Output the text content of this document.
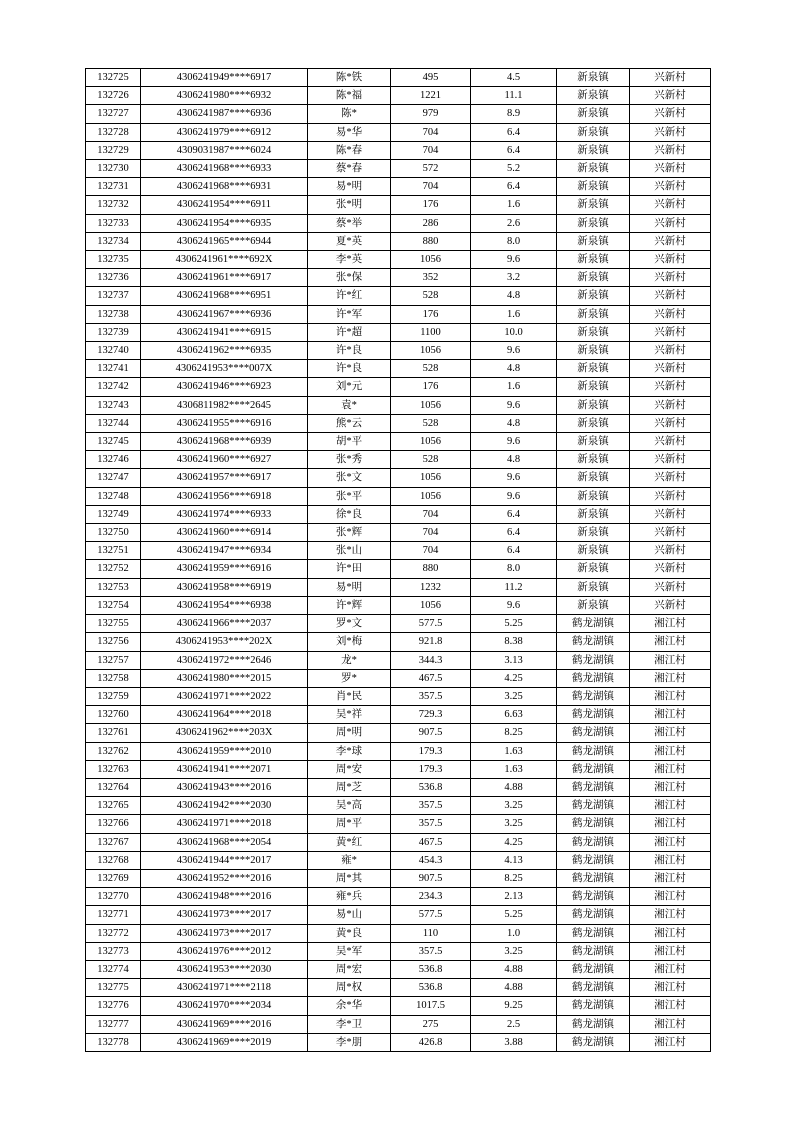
132725	4306241949****6917	陈*铁	495	4.5	新泉镇	兴新村
132726	4306241980****6932	陈*福	1221	11.1	新泉镇	兴新村
132727	4306241987****6936	陈*	979	8.9	新泉镇	兴新村
132728	4306241979****6912	易*华	704	6.4	新泉镇	兴新村
132729	4309031987****6024	陈*春	704	6.4	新泉镇	兴新村
132730	4306241968****6933	蔡*春	572	5.2	新泉镇	兴新村
132731	4306241968****6931	易*明	704	6.4	新泉镇	兴新村
132732	4306241954****6911	张*明	176	1.6	新泉镇	兴新村
132733	4306241954****6935	蔡*举	286	2.6	新泉镇	兴新村
132734	4306241965****6944	夏*英	880	8.0	新泉镇	兴新村
132735	4306241961****692X	李*英	1056	9.6	新泉镇	兴新村
132736	4306241961****6917	张*保	352	3.2	新泉镇	兴新村
132737	4306241968****6951	许*红	528	4.8	新泉镇	兴新村
132738	4306241967****6936	许*军	176	1.6	新泉镇	兴新村
132739	4306241941****6915	许*超	1100	10.0	新泉镇	兴新村
132740	4306241962****6935	许*良	1056	9.6	新泉镇	兴新村
132741	4306241953****007X	许*良	528	4.8	新泉镇	兴新村
132742	4306241946****6923	刘*元	176	1.6	新泉镇	兴新村
132743	4306811982****2645	袁*	1056	9.6	新泉镇	兴新村
132744	4306241955****6916	熊*云	528	4.8	新泉镇	兴新村
132745	4306241968****6939	胡*平	1056	9.6	新泉镇	兴新村
132746	4306241960****6927	张*秀	528	4.8	新泉镇	兴新村
132747	4306241957****6917	张*文	1056	9.6	新泉镇	兴新村
132748	4306241956****6918	张*平	1056	9.6	新泉镇	兴新村
132749	4306241974****6933	徐*良	704	6.4	新泉镇	兴新村
132750	4306241960****6914	张*辉	704	6.4	新泉镇	兴新村
132751	4306241947****6934	张*山	704	6.4	新泉镇	兴新村
132752	4306241959****6916	许*田	880	8.0	新泉镇	兴新村
132753	4306241958****6919	易*明	1232	11.2	新泉镇	兴新村
132754	4306241954****6938	许*辉	1056	9.6	新泉镇	兴新村
132755	4306241966****2037	罗*文	577.5	5.25	鹤龙湖镇	湘江村
132756	4306241953****202X	刘*梅	921.8	8.38	鹤龙湖镇	湘江村
132757	4306241972****2646	龙*	344.3	3.13	鹤龙湖镇	湘江村
132758	4306241980****2015	罗*	467.5	4.25	鹤龙湖镇	湘江村
132759	4306241971****2022	肖*民	357.5	3.25	鹤龙湖镇	湘江村
132760	4306241964****2018	吴*祥	729.3	6.63	鹤龙湖镇	湘江村
132761	4306241962****203X	周*明	907.5	8.25	鹤龙湖镇	湘江村
132762	4306241959****2010	李*球	179.3	1.63	鹤龙湖镇	湘江村
132763	4306241941****2071	周*安	179.3	1.63	鹤龙湖镇	湘江村
132764	4306241943****2016	周*芝	536.8	4.88	鹤龙湖镇	湘江村
132765	4306241942****2030	吴*高	357.5	3.25	鹤龙湖镇	湘江村
132766	4306241971****2018	周*平	357.5	3.25	鹤龙湖镇	湘江村
132767	4306241968****2054	黄*红	467.5	4.25	鹤龙湖镇	湘江村
132768	4306241944****2017	雍*	454.3	4.13	鹤龙湖镇	湘江村
132769	4306241952****2016	周*其	907.5	8.25	鹤龙湖镇	湘江村
132770	4306241948****2016	雍*兵	234.3	2.13	鹤龙湖镇	湘江村
132771	4306241973****2017	易*山	577.5	5.25	鹤龙湖镇	湘江村
132772	4306241973****2017	黄*良	110	1.0	鹤龙湖镇	湘江村
132773	4306241976****2012	吴*军	357.5	3.25	鹤龙湖镇	湘江村
132774	4306241953****2030	周*宏	536.8	4.88	鹤龙湖镇	湘江村
132775	4306241971****2118	周*权	536.8	4.88	鹤龙湖镇	湘江村
132776	4306241970****2034	余*华	1017.5	9.25	鹤龙湖镇	湘江村
132777	4306241969****2016	李*卫	275	2.5	鹤龙湖镇	湘江村
132778	4306241969****2019	李*朋	426.8	3.88	鹤龙湖镇	湘江村
